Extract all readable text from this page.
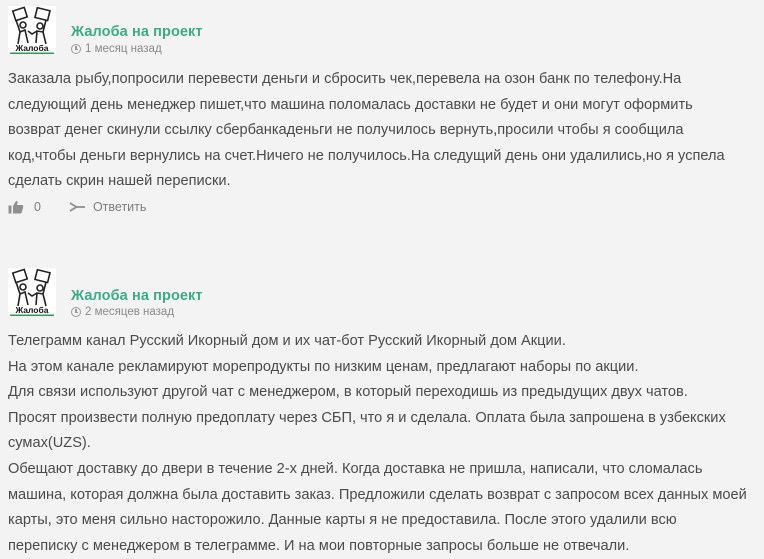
Жалоба
Жалоба на проект
1 месяц назад

Заказала рыбу,попросили перевести деньги и сбросить чек,перевела на озон банк по телефону.На

следующий день менеджер пишет,что машина поломалась доставки не будет и они могут оформить

возврат денег скинули ссылку сбербанкаденьги не получилось вернуть,просили чтобы я сообщила

код,чтобы деньги вернулись на счет.Ничего не получилось.На следущий день они удалились,но я успела

сделать скрин нашей переписки.

0	Ответить
Жалоба
Жалоба на проект
2 месяцев назад

Телеграмм канал Русский Икорный дом и их чат-бот Русский Икорный дом Акции.

На этом канале рекламируют морепродукты по низким ценам, предлагают наборы по акции.

Для связи используют другой чат с менеджером, в который переходишь из предыдущих двух чатов.

Просят произвести полную предоплату через СБП, что я и сделала. Оплата была запрошена в узбекских

сумах(UZS).

Обещают доставку до двери в течение 2-х дней. Когда доставка не пришла, написали, что сломалась

машина, которая должна была доставить заказ. Предложили сделать возврат с запросом всех данных моей

карты, это меня сильно насторожило. Данные карты я не предоставила. После этого удалили всю

переписку с менеджером в телеграмме. И на мои повторные запросы больше не отвечали.
